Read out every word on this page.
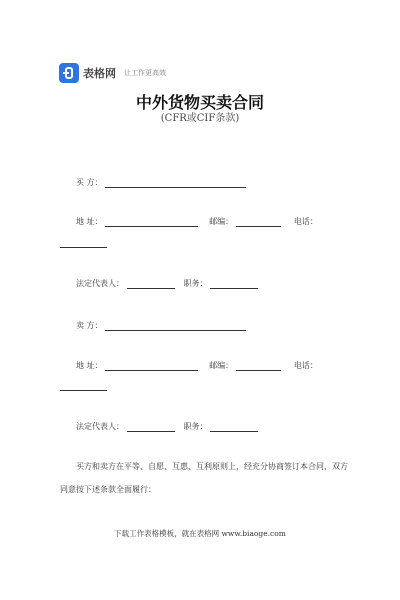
表格网 让工作更高效
中外货物买卖合同
(CFR或CIF条款)
买 方：
地 址：	邮编：	电话：
法定代表人：	职务：
卖 方：
地 址：	邮编：	电话：
法定代表人：	职务：
买方和卖方在平等、自愿、互惠、互利原则上，经充分协商签订本合同，双方同意按下述条款全面履行：
下载工作表格模板，就在表格网 www.biaoge.com
